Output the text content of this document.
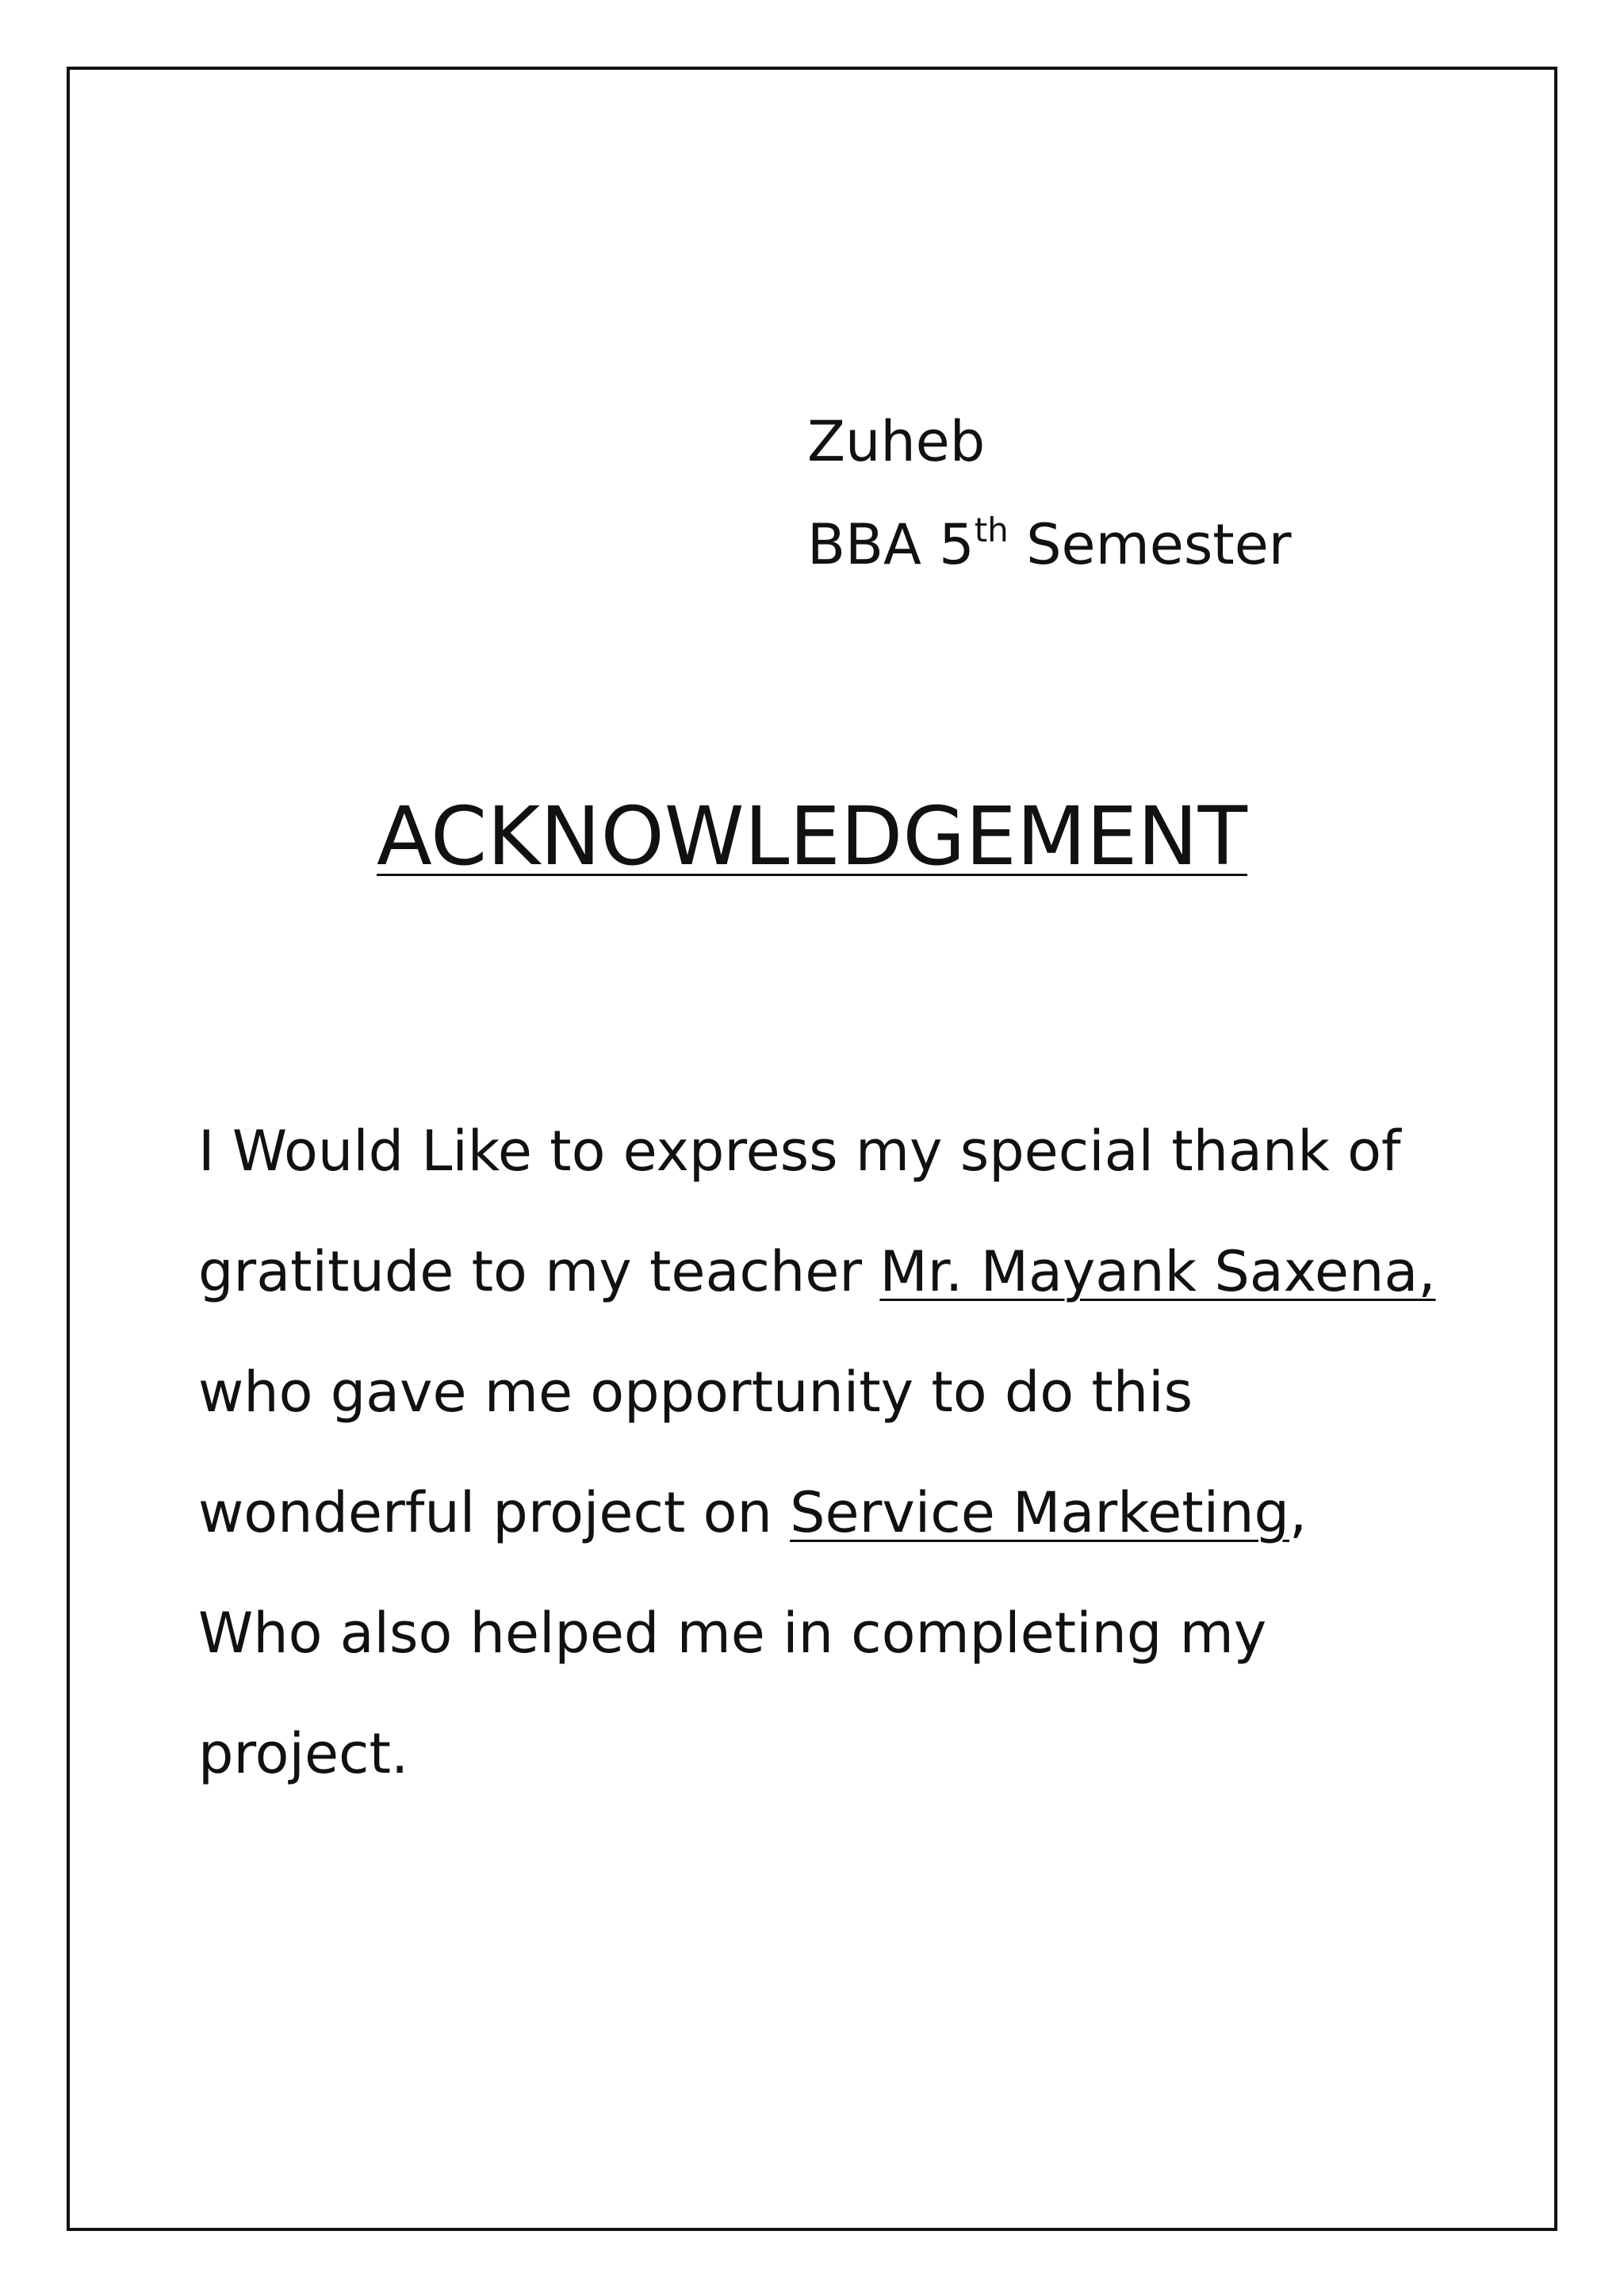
Zuheb
BBA 5th Semester
ACKNOWLEDGEMENT
I Would Like to express my special thank of
gratitude to my teacher Mr. Mayank Saxena,
who gave me opportunity to do this
wonderful project on Service Marketing,
Who also helped me in completing my
project.
